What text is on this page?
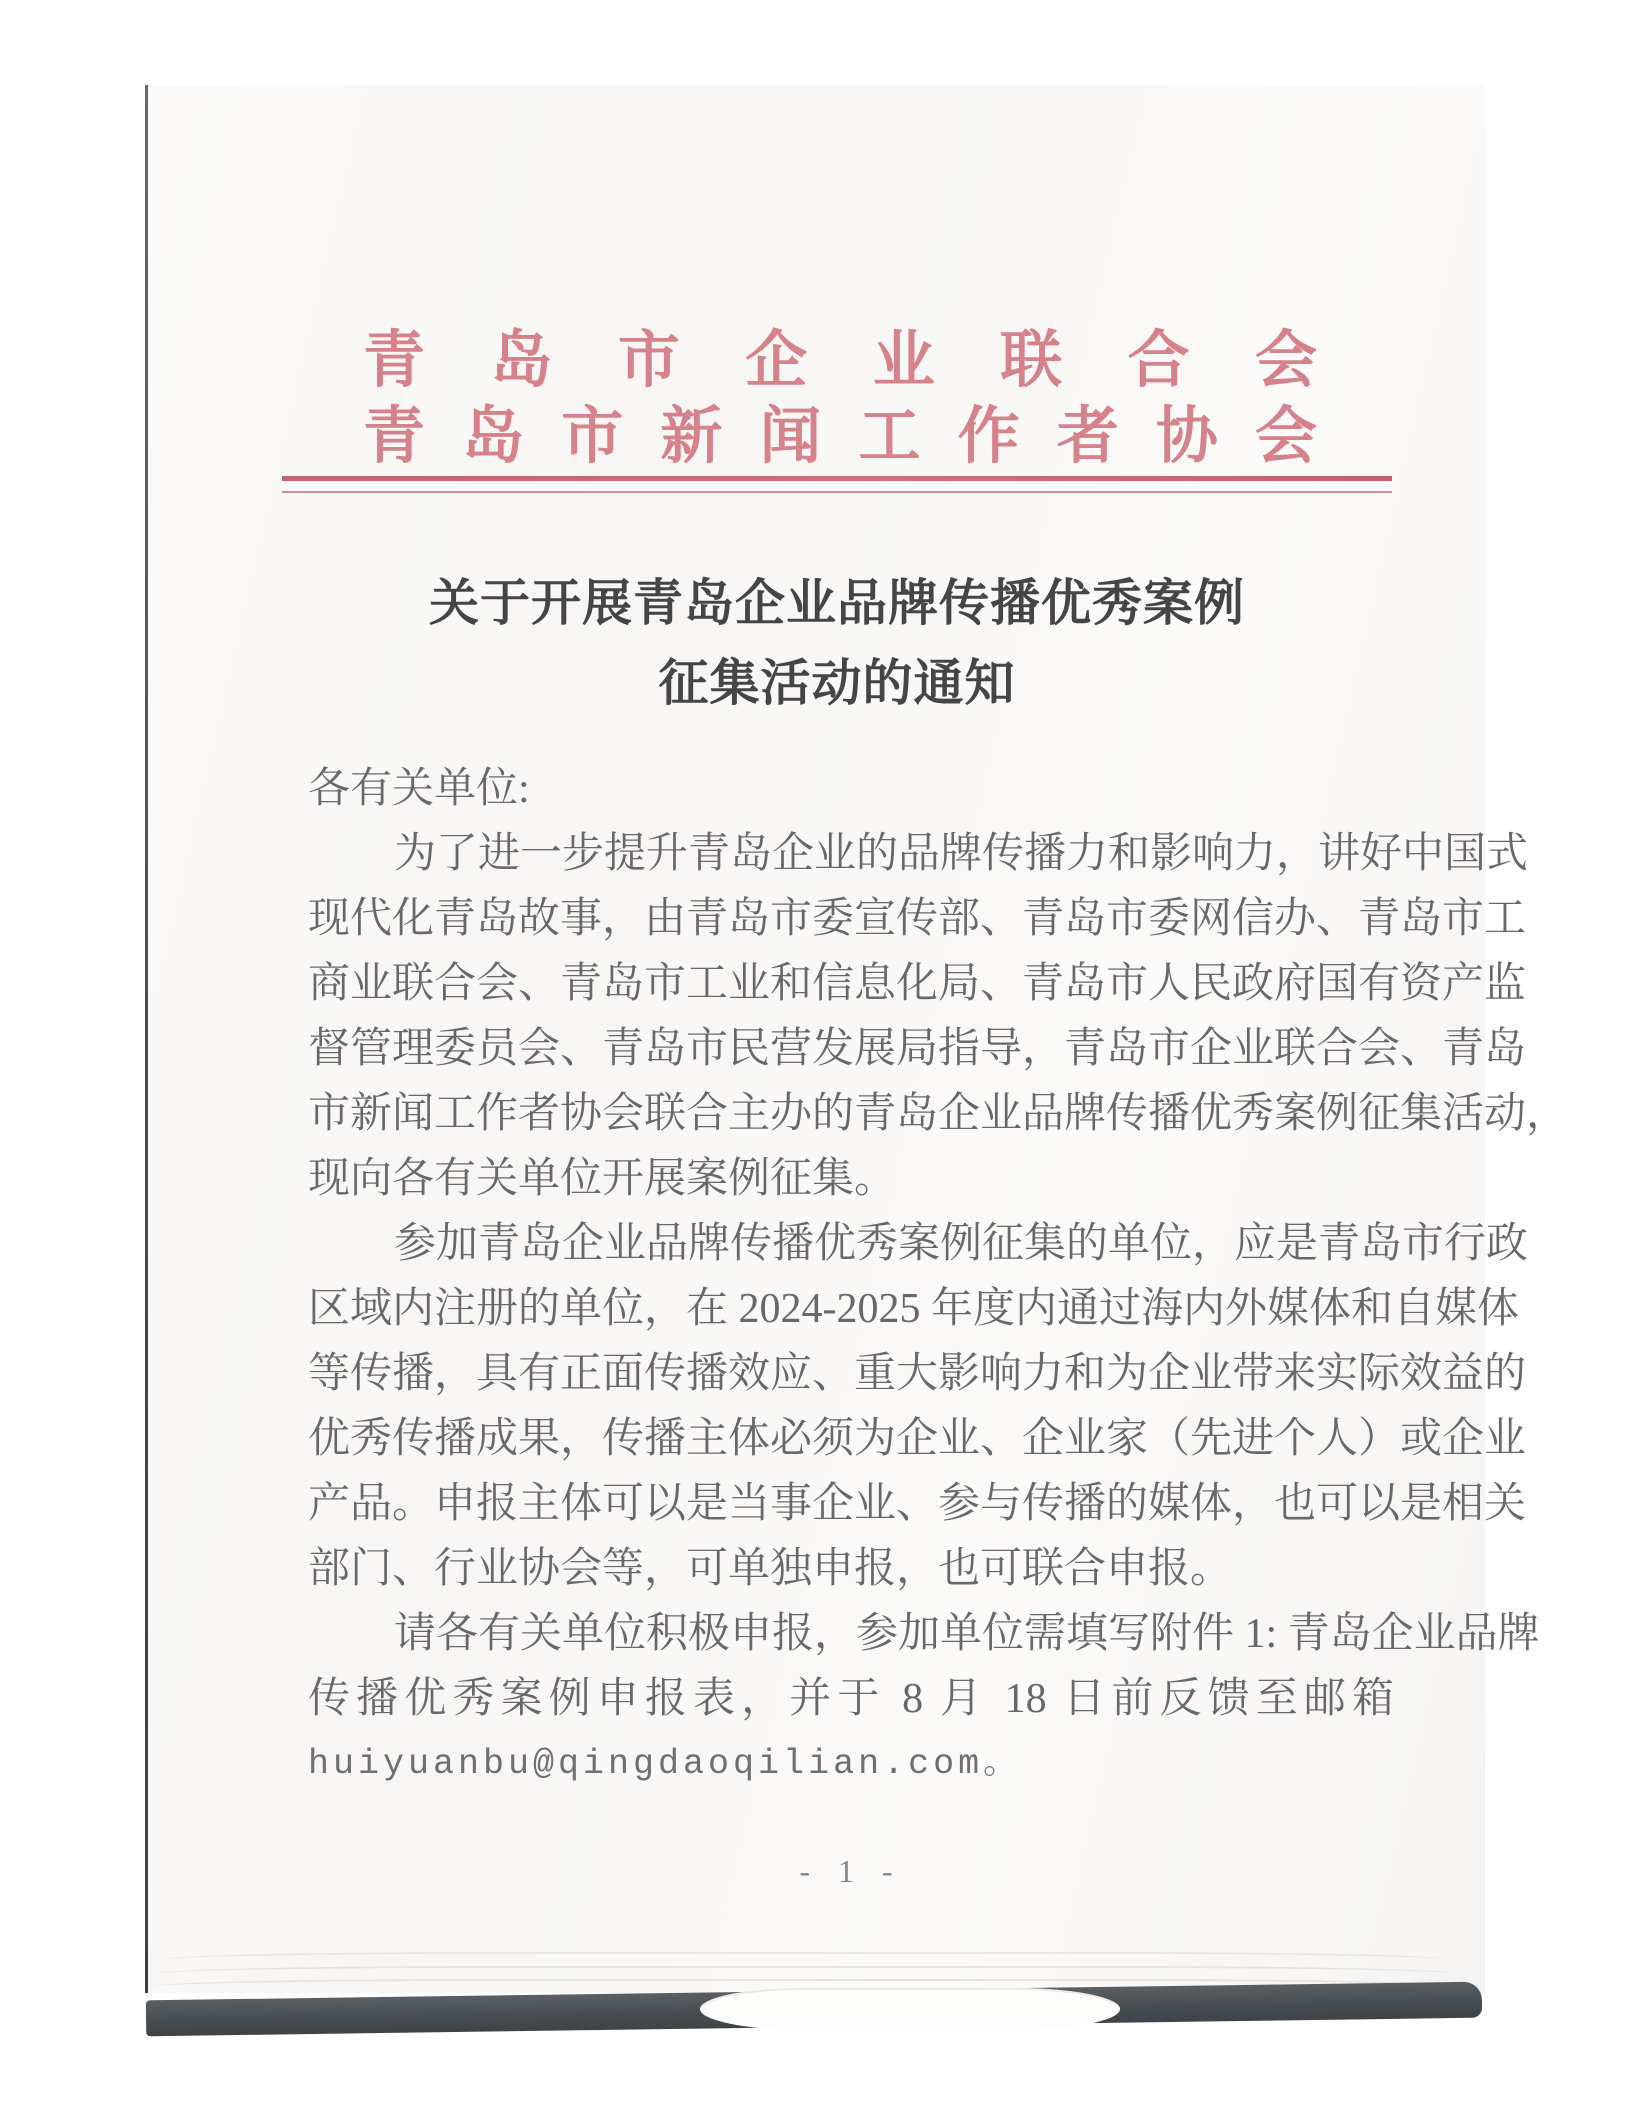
青岛市企业联合会
青岛市新闻工作者协会
关于开展青岛企业品牌传播优秀案例
征集活动的通知
各有关单位:
为了进一步提升青岛企业的品牌传播力和影响力，讲好中国式
现代化青岛故事，由青岛市委宣传部、青岛市委网信办、青岛市工
商业联合会、青岛市工业和信息化局、青岛市人民政府国有资产监
督管理委员会、青岛市民营发展局指导，青岛市企业联合会、青岛
市新闻工作者协会联合主办的青岛企业品牌传播优秀案例征集活动，
现向各有关单位开展案例征集。
参加青岛企业品牌传播优秀案例征集的单位，应是青岛市行政
区域内注册的单位，在 2024-2025 年度内通过海内外媒体和自媒体
等传播，具有正面传播效应、重大影响力和为企业带来实际效益的
优秀传播成果，传播主体必须为企业、企业家（先进个人）或企业
产品。申报主体可以是当事企业、参与传播的媒体，也可以是相关
部门、行业协会等，可单独申报，也可联合申报。
请各有关单位积极申报，参加单位需填写附件 1: 青岛企业品牌
传播优秀案例申报表，并于 8 月 18 日前反馈至邮箱
huiyuanbu@qingdaoqilian.com。
- 1 -
